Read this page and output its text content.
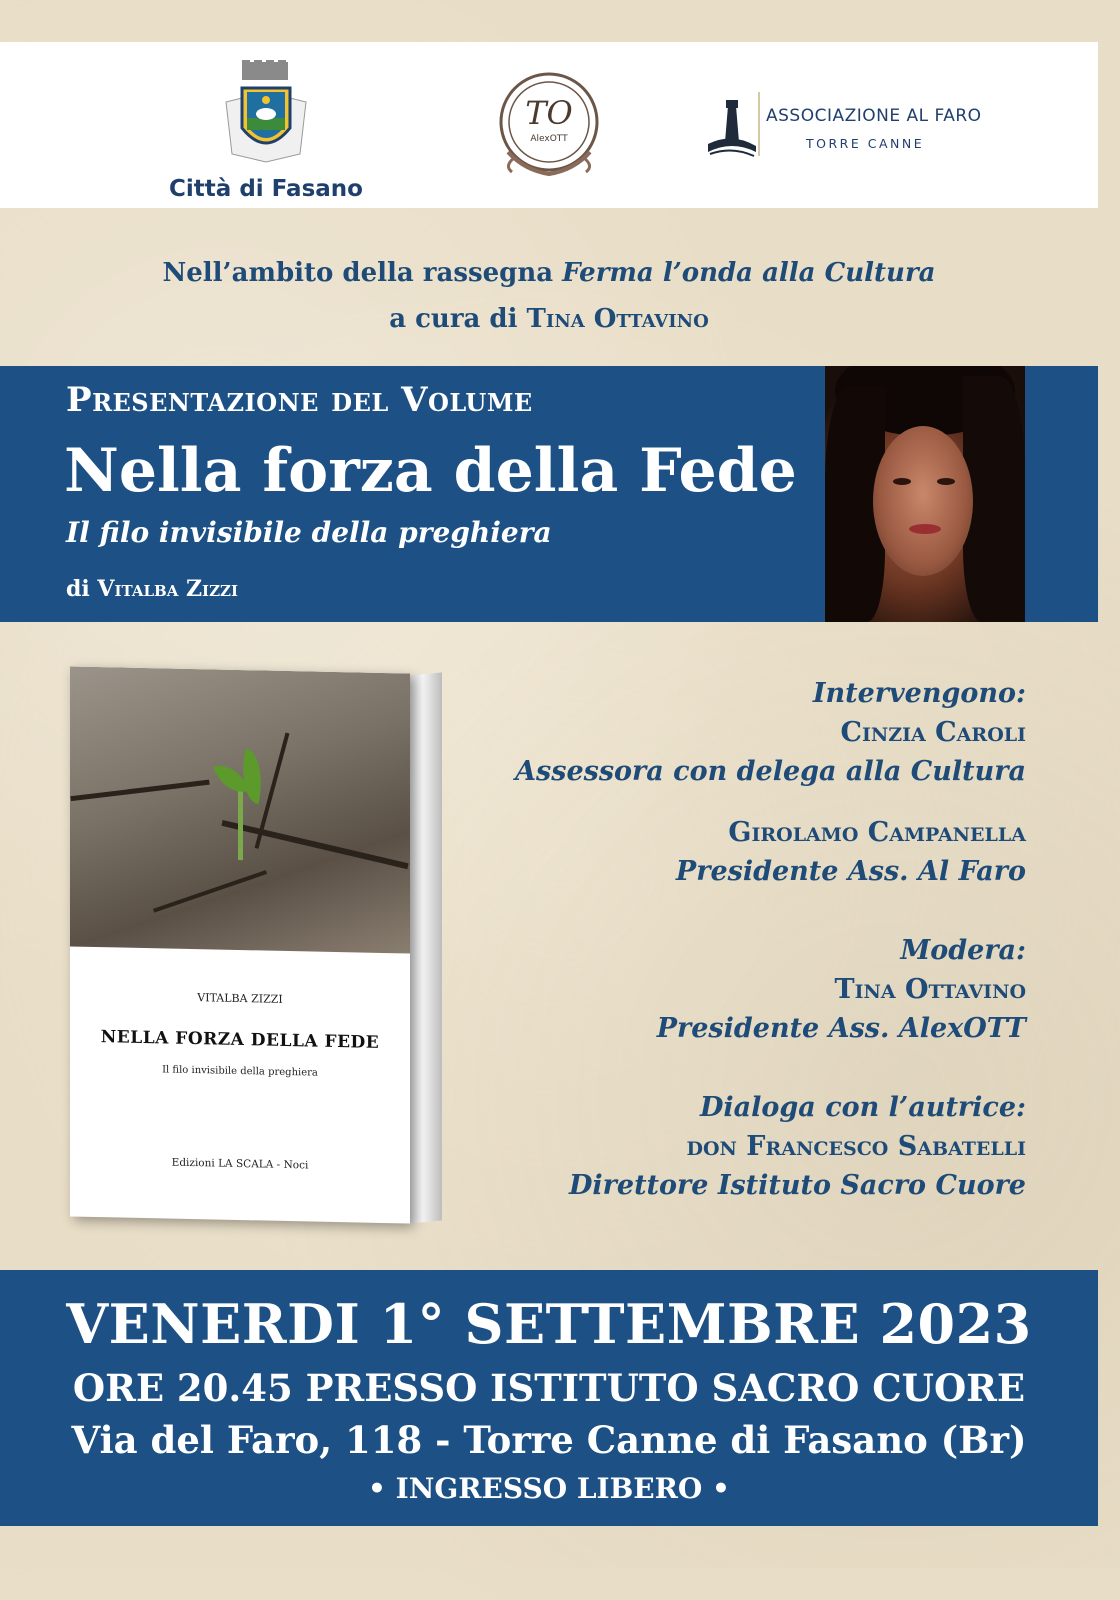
Città di Fasano
TO
AlexOTT
ASSOCIAZIONE AL FARO
TORRE CANNE
Nell’ambito della rassegna Ferma l’onda alla Cultura
a cura di Tina Ottavino
Presentazione del Volume
Nella forza della Fede
Il filo invisibile della preghiera
di Vitalba Zizzi
VITALBA ZIZZI
NELLA FORZA DELLA FEDE
Il filo invisibile della preghiera
Edizioni LA SCALA - Noci
Intervengono:
Cinzia Caroli
Assessora con delega alla Cultura
Girolamo Campanella
Presidente Ass. Al Faro
Modera:
Tina Ottavino
Presidente Ass. AlexOTT
Dialoga con l’autrice:
don Francesco Sabatelli
Direttore Istituto Sacro Cuore
VENERDI 1° SETTEMBRE 2023
ORE 20.45 PRESSO ISTITUTO SACRO CUORE
Via del Faro, 118 - Torre Canne di Fasano (Br)
• INGRESSO LIBERO •
